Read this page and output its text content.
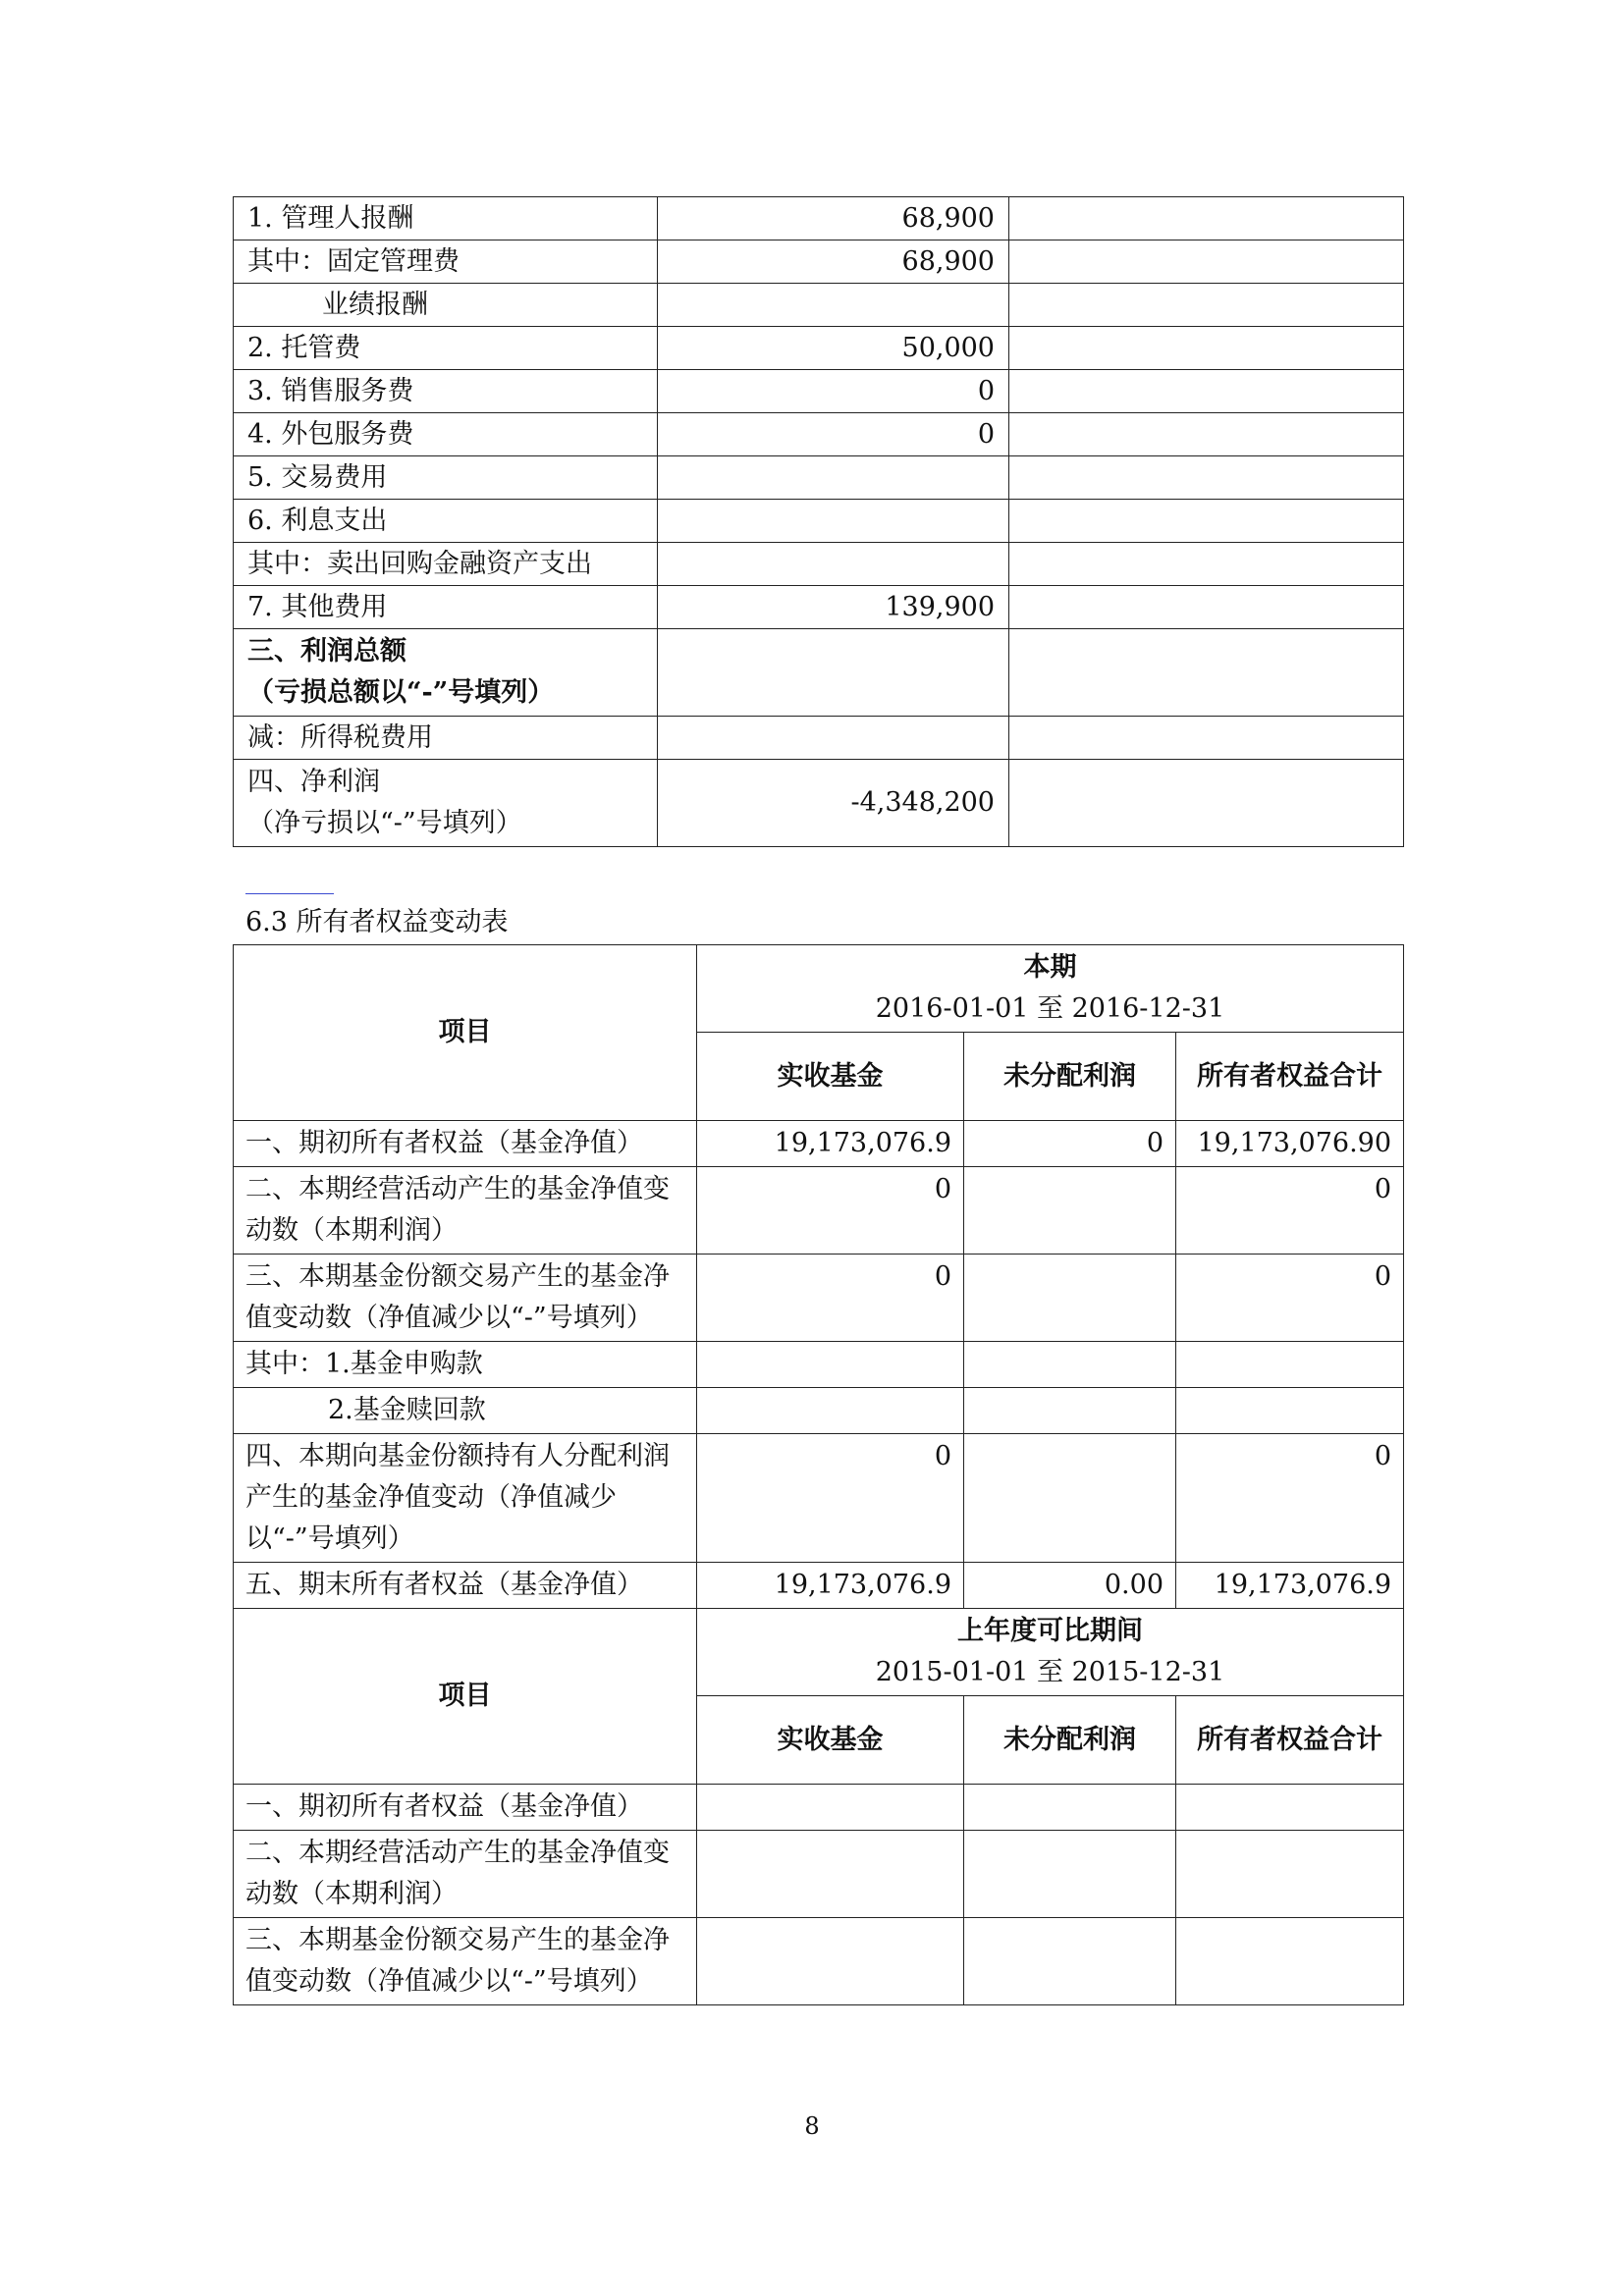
1. 管理人报酬	68,900	
其中：固定管理费	68,900	
业绩报酬		
2. 托管费	50,000	
3. 销售服务费	0	
4. 外包服务费	0	
5. 交易费用		
6. 利息支出		
其中：卖出回购金融资产支出		
7. 其他费用	139,900	

三、利润总额
（亏损总额以“-”号填列）		

减：所得税费用		

四、净利润
（净亏损以“-”号填列）	-4,348,200	
6.3 所有者权益变动表
项目	本期
2016-01-01 至 2016-12-31		

	实收基金	未分配利润	所有者权益合计
一、期初所有者权益（基金净值）	19,173,076.9	0	19,173,076.90
二、本期经营活动产生的基金净值变动数（本期利润）	0		0
三、本期基金份额交易产生的基金净值变动数（净值减少以“-”号填列）	0		0
其中：1.基金申购款			
2.基金赎回款			
四、本期向基金份额持有人分配利润产生的基金净值变动（净值减少以“-”号填列）	0		0
五、期末所有者权益（基金净值）	19,173,076.9	0.00	19,173,076.9
项目	上年度可比期间
2015-01-01 至 2015-12-31		

	实收基金	未分配利润	所有者权益合计
一、期初所有者权益（基金净值）			
二、本期经营活动产生的基金净值变动数（本期利润）			
三、本期基金份额交易产生的基金净值变动数（净值减少以“-”号填列）			
8
